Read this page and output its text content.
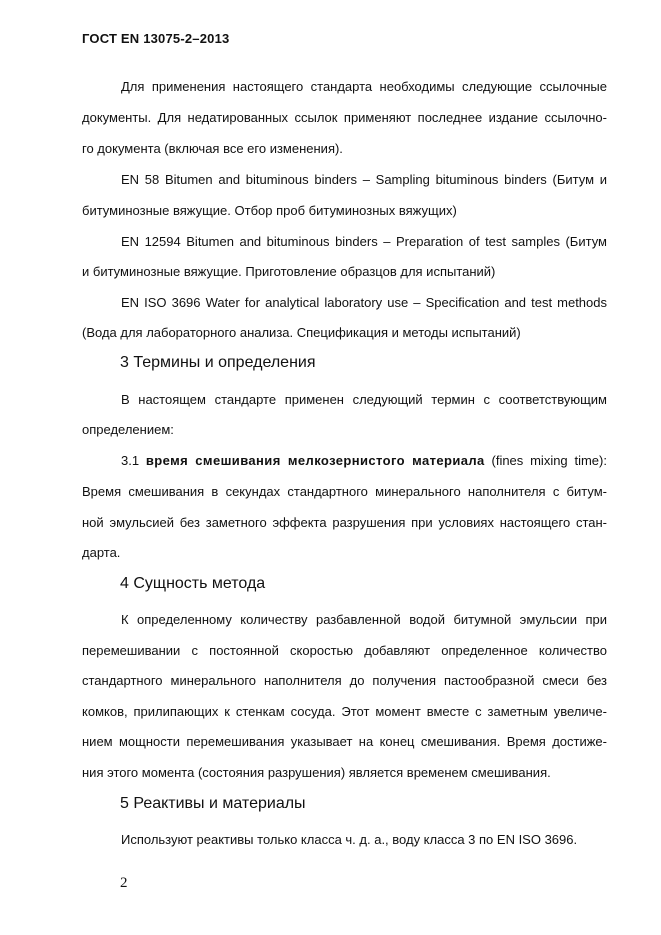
ГОСТ EN 13075-2–2013
Для применения настоящего стандарта необходимы следующие ссылочные
документы. Для недатированных ссылок применяют последнее издание ссылочно-
го документа (включая все его изменения).
EN 58 Bitumen and bituminous binders – Sampling bituminous binders (Битум и
битуминозные вяжущие. Отбор проб битуминозных вяжущих)
EN 12594 Bitumen and bituminous binders – Preparation of test samples (Битум
и битуминозные вяжущие. Приготовление образцов для испытаний)
EN ISO 3696 Water for analytical laboratory use – Specification and test methods
(Вода для лабораторного анализа. Спецификация и методы испытаний)
3 Термины и определения
В настоящем стандарте применен следующий термин с соответствующим
определением:
3.1 время смешивания мелкозернистого материала (fines mixing time):
Время смешивания в секундах стандартного минерального наполнителя с битум-
ной эмульсией без заметного эффекта разрушения при условиях настоящего стан-
дарта.
4 Сущность метода
К определенному количеству разбавленной водой битумной эмульсии при
перемешивании с постоянной скоростью добавляют определенное количество
стандартного минерального наполнителя до получения пастообразной смеси без
комков, прилипающих к стенкам сосуда. Этот момент вместе с заметным увеличе-
нием мощности перемешивания указывает на конец смешивания. Время достиже-
ния этого момента (состояния разрушения) является временем смешивания.
5 Реактивы и материалы
Используют реактивы только класса ч. д. а., воду класса 3 по EN ISO 3696.
2
